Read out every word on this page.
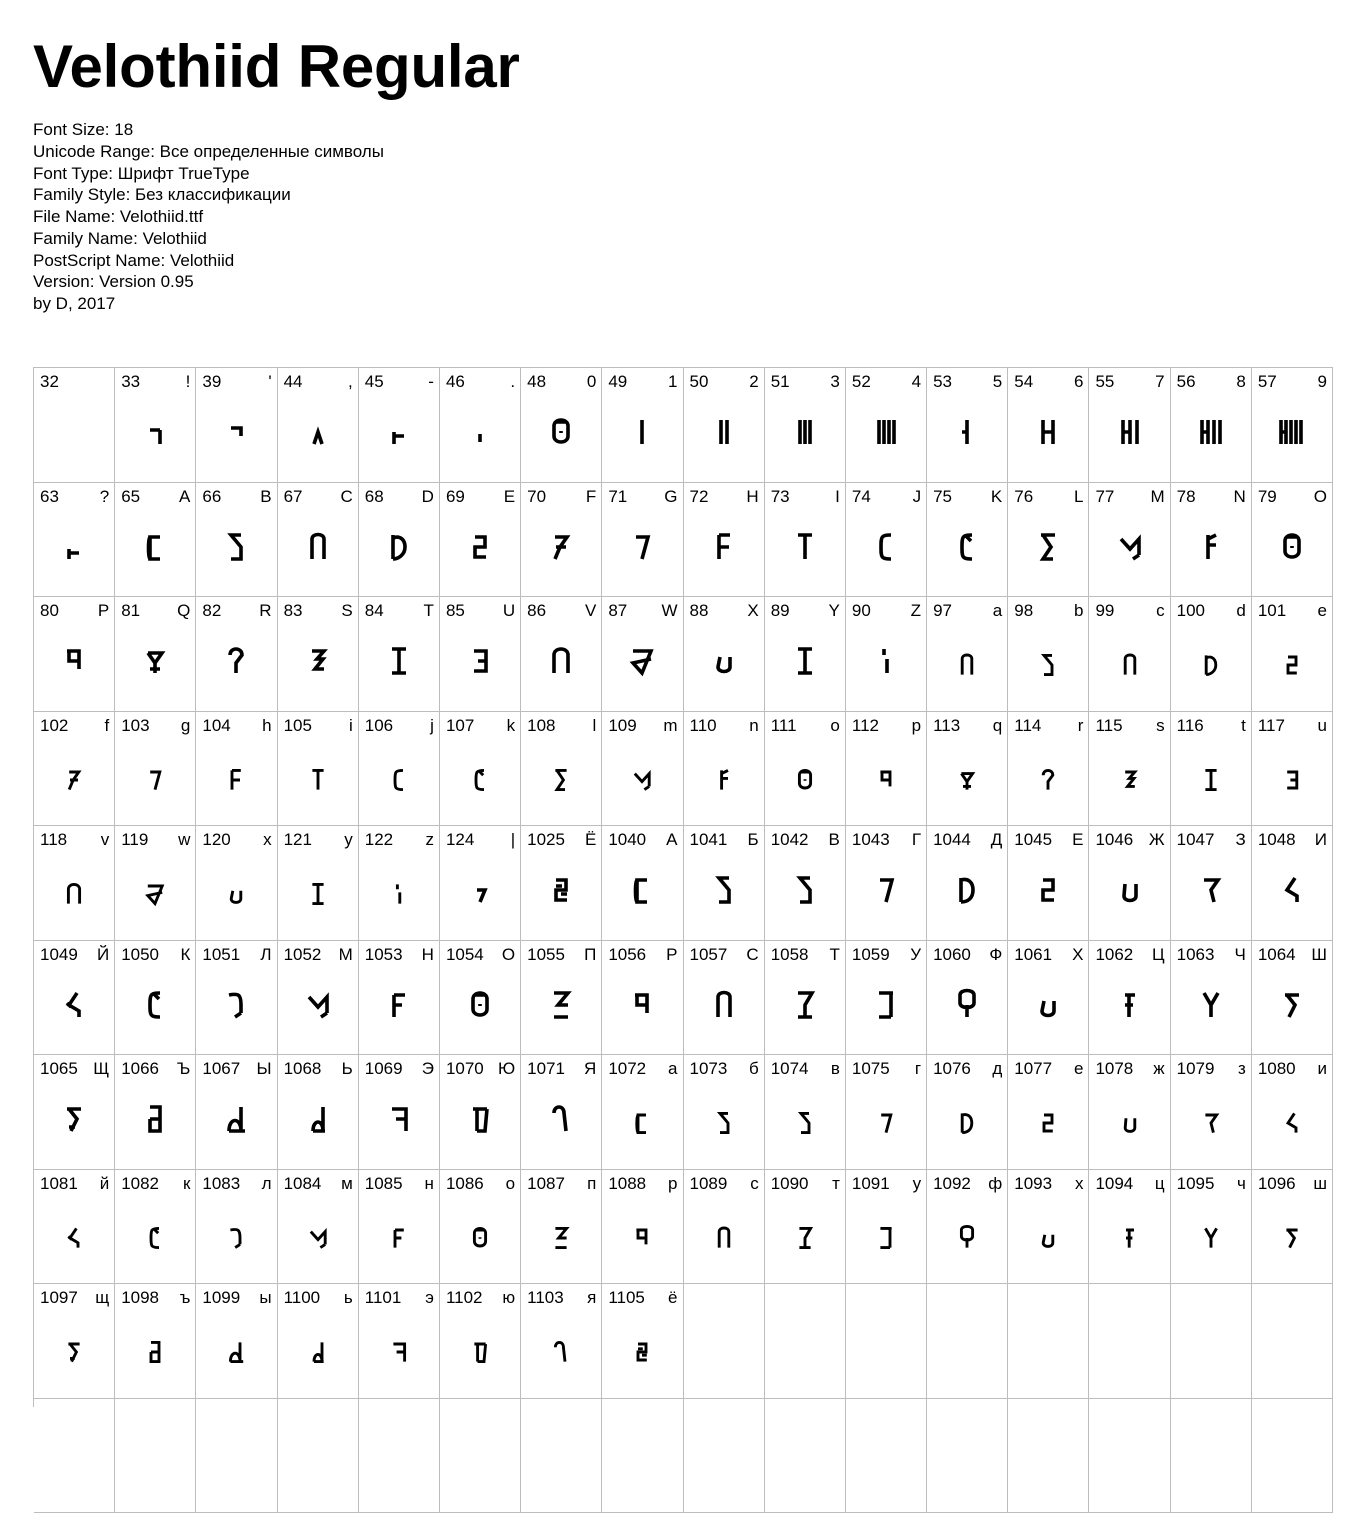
Velothiid Regular
Font Size: 18
Unicode Range: Все определенные символы
Font Type: Шрифт TrueType
Family Style: Без классификации
File Name: Velothiid.ttf
Family Name: Velothiid
PostScript Name: Velothiid
Version: Version 0.95
by D, 2017
32	33	! 39	' 44	, 45	- 46	. 48 0 49 1 50 2 51 3 52 4 53 5 54 6 55 7 56 8 57 9
63 ? 65 A 66 B 67 C 68 D 69 E 70 F 71 G 72 H 73	I 74 J 75 K 76 L 77 M 78 N 79 O
80 P 81 Q 82 R 83 S 84 T 85 U 86 V 87 W 88 X 89 Y 90 Z 97 a 98 b 99 c 100 d 101 e
102 f 103 g 104 h 105 i 106 j 107 k 108 l 109 m 110 n 111 o 112 p 113 q 114 r 115 s 116 t 117 u
118 v 119 w 120 x 121 y 122 z 124 | 1025 Ё 1040 А 1041 Б 1042 В 1043 Г 1044 Д 1045 Е 1046 Ж 1047 З 1048 И
1049 Й 1050 К 1051 Л 1052 М 1053 Н 1054 О 1055 П 1056 Р 1057 С 1058 Т 1059 У 1060 Ф 1061 Х 1062 Ц 1063 Ч 1064 Ш
1065 Щ 1066 Ъ 1067 Ы 1068 Ь 1069 Э 1070 Ю 1071 Я 1072 а 1073 б 1074 в 1075 г 1076 д 1077 е 1078 ж 1079 з 1080 и
1081 й 1082 к 1083 л 1084 м 1085 н 1086 о 1087 п 1088 р 1089 с 1090 т 1091 у 1092 ф 1093 х 1094 ц 1095 ч 1096 ш
1097 щ 1098 ъ 1099 ы 1100 ь 1101 э 1102 ю 1103 я 1105 ё
